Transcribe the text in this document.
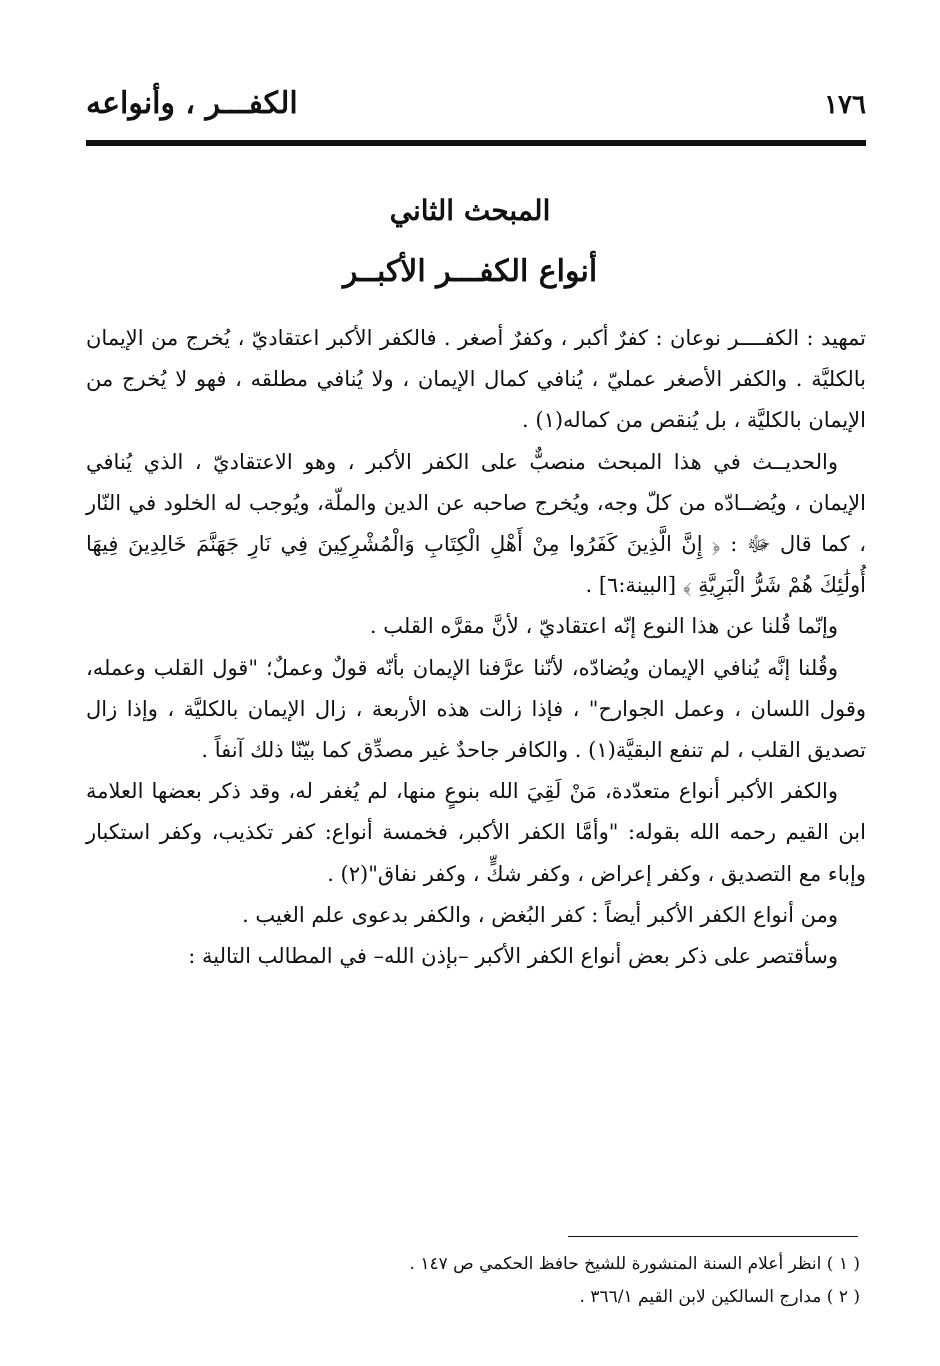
الكفـــر ، وأنواعه	١٧٦
المبحث الثاني
أنواع الكفـــر الأكبــر

تمهيد : الكفــــر نوعان : كفرٌ أكبر ، وكفرٌ أصغر . فالكفر الأكبر اعتقاديّ ، يُخرج من الإيمان بالكليَّة . والكفر الأصغر عمليّ ، يُنافي كمال الإيمان ، ولا يُنافي مطلقه ، فهو لا يُخرج من الإيمان بالكليَّة ، بل يُنقص من كماله(١) .

والحديــث في هذا المبحث منصبٌّ على الكفر الأكبر ، وهو الاعتقاديّ ، الذي يُنافي الإيمان ، ويُضــادّه من كلّ وجه، ويُخرج صاحبه عن الدين والملّة، ويُوجب له الخلود في النّار ، كما قال ﷻ : ﴿ إِنَّ الَّذِينَ كَفَرُوا مِنْ أَهْلِ الْكِتَابِ وَالْمُشْرِكِينَ فِي نَارِ جَهَنَّمَ خَالِدِينَ فِيهَا أُولَٰئِكَ هُمْ شَرُّ الْبَرِيَّةِ ﴾ [البينة:٦] .

وإنّما قُلنا عن هذا النوع إنّه اعتقاديّ ، لأنَّ مقرَّه القلب .

وقُلنا إنَّه يُنافي الإيمان ويُضادّه، لأنّنا عرَّفنا الإيمان بأنّه قولٌ وعملٌ؛ "قول القلب وعمله، وقول اللسان ، وعمل الجوارح" ، فإذا زالت هذه الأربعة ، زال الإيمان بالكليَّة ، وإذا زال تصديق القلب ، لم تنفع البقيَّة(١) . والكافر جاحدٌ غير مصدِّق كما بيّنّا ذلك آنفاً .

والكفر الأكبر أنواع متعدّدة، مَنْ لَقِيَ الله بنوعٍ منها، لم يُغفر له، وقد ذكر بعضها العلامة ابن القيم رحمه الله بقوله: "وأمَّا الكفر الأكبر، فخمسة أنواع: كفر تكذيب، وكفر استكبار وإباء مع التصديق ، وكفر إعراض ، وكفر شكٍّ ، وكفر نفاق"(٢) .

ومن أنواع الكفر الأكبر أيضاً : كفر البُغض ، والكفر بدعوى علم الغيب .

وسأقتصر على ذكر بعض أنواع الكفر الأكبر –بإذن الله– في المطالب التالية :

( ١ ) انظر أعلام السنة المنشورة للشيخ حافظ الحكمي ص ١٤٧ .

( ٢ ) مدارج السالكين لابن القيم ٣٦٦/١ .
